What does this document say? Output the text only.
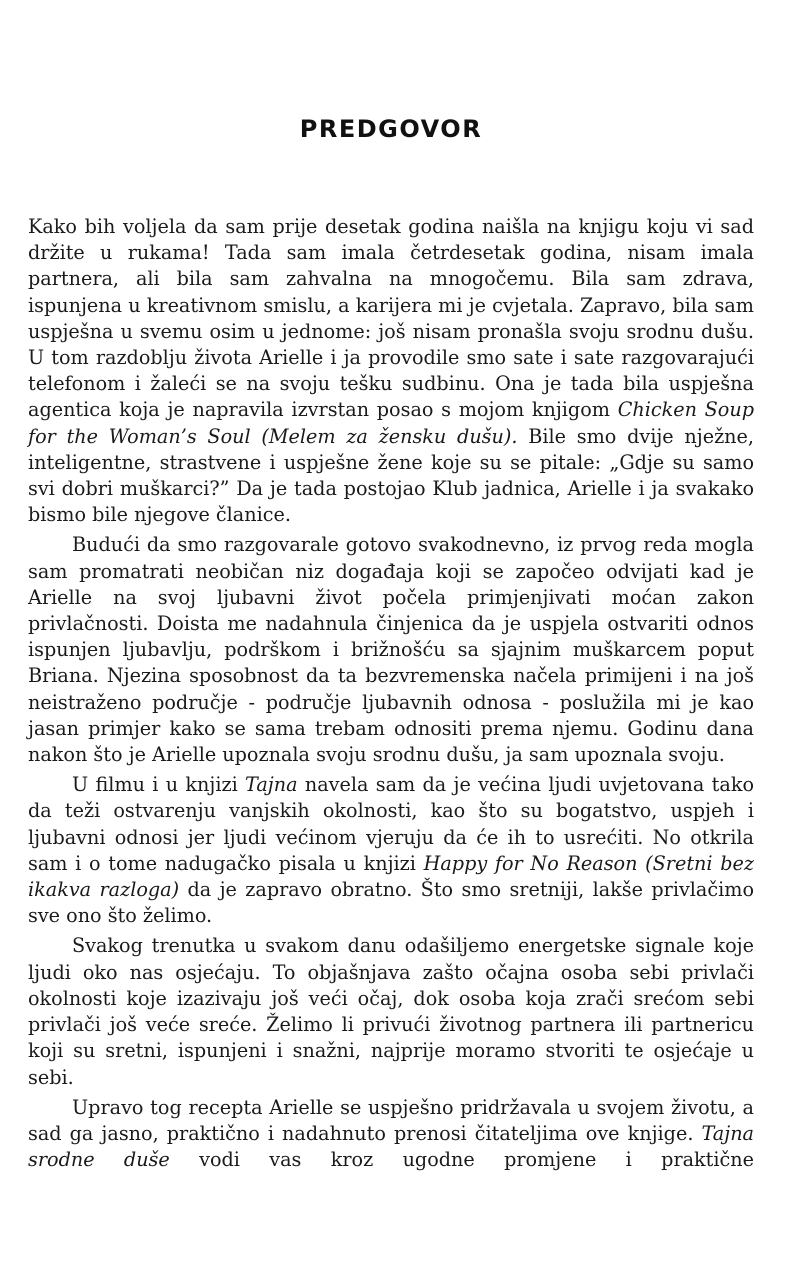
PREDGOVOR

Kako bih voljela da sam prije desetak godina naišla na knjigu koju vi sad držite u rukama! Tada sam imala četrdesetak godina, nisam imala partnera, ali bila sam zahvalna na mnogočemu. Bila sam zdrava, ispunjena u kreativnom smislu, a karijera mi je cvjetala. Zapravo, bila sam uspješna u svemu osim u jednome: još nisam pronašla svoju srodnu dušu. U tom razdoblju života Arielle i ja provodile smo sate i sate razgovarajući telefonom i žaleći se na svoju tešku sudbinu. Ona je tada bila uspješna agentica koja je napravila izvrstan posao s mojom knjigom Chicken Soup for the Woman’s Soul (Melem za žensku dušu). Bile smo dvije nježne, inteligentne, strastvene i uspješne žene koje su se pitale: „Gdje su samo svi dobri muškarci?” Da je tada postojao Klub jadnica, Arielle i ja svakako bismo bile njegove članice.

Budući da smo razgovarale gotovo svakodnevno, iz prvog reda mogla sam promatrati neobičan niz događaja koji se započeo odvijati kad je Arielle na svoj ljubavni život počela primjenjivati moćan zakon privlačnosti. Doista me nadahnula činjenica da je uspjela ostvariti odnos ispunjen ljubavlju, podrškom i brižnošću sa sjajnim muškarcem poput Briana. Njezina sposobnost da ta bezvremenska načela primijeni i na još neistraženo područje - područje ljubavnih odnosa - poslužila mi je kao jasan primjer kako se sama trebam odnositi prema njemu. Godinu dana nakon što je Arielle upoznala svoju srodnu dušu, ja sam upoznala svoju.

U filmu i u knjizi Tajna navela sam da je većina ljudi uvjetovana tako da teži ostvarenju vanjskih okolnosti, kao što su bogatstvo, uspjeh i ljubavni odnosi jer ljudi većinom vjeruju da će ih to usrećiti. No otkrila sam i o tome nadugačko pisala u knjizi Happy for No Reason (Sretni bez ikakva razloga) da je zapravo obratno. Što smo sretniji, lakše privlačimo sve ono što želimo.

Svakog trenutka u svakom danu odašiljemo energetske signale koje ljudi oko nas osjećaju. To objašnjava zašto očajna osoba sebi privlači okolnosti koje izazivaju još veći očaj, dok osoba koja zrači srećom sebi privlači još veće sreće. Želimo li privući životnog partnera ili partnericu koji su sretni, ispunjeni i snažni, najprije moramo stvoriti te osjećaje u sebi.

Upravo tog recepta Arielle se uspješno pridržavala u svojem životu, a sad ga jasno, praktično i nadahnuto prenosi čitateljima ove knjige. Tajna srodne duše vodi vas kroz ugodne promjene i praktične
